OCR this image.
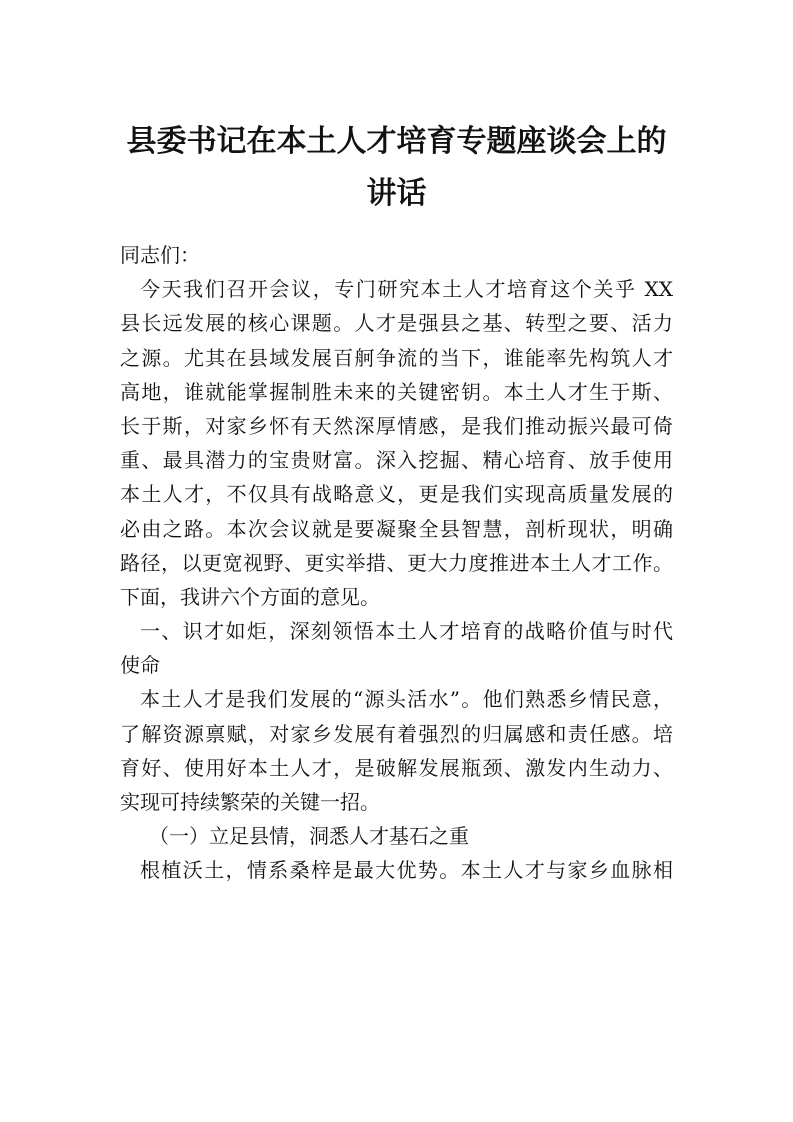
县委书记在本土人才培育专题座谈会上的
讲话
同志们：
今天我们召开会议，专门研究本土人才培育这个关乎 XX
县长远发展的核心课题。人才是强县之基、转型之要、活力
之源。尤其在县域发展百舸争流的当下，谁能率先构筑人才
高地，谁就能掌握制胜未来的关键密钥。本土人才生于斯、
长于斯，对家乡怀有天然深厚情感，是我们推动振兴最可倚
重、最具潜力的宝贵财富。深入挖掘、精心培育、放手使用
本土人才，不仅具有战略意义，更是我们实现高质量发展的
必由之路。本次会议就是要凝聚全县智慧，剖析现状，明确
路径，以更宽视野、更实举措、更大力度推进本土人才工作。
下面，我讲六个方面的意见。
一、识才如炬，深刻领悟本土人才培育的战略价值与时代
使命
本土人才是我们发展的“源头活水”。他们熟悉乡情民意，
了解资源禀赋，对家乡发展有着强烈的归属感和责任感。培
育好、使用好本土人才，是破解发展瓶颈、激发内生动力、
实现可持续繁荣的关键一招。
（一）立足县情，洞悉人才基石之重
根植沃土，情系桑梓是最大优势。本土人才与家乡血脉相
